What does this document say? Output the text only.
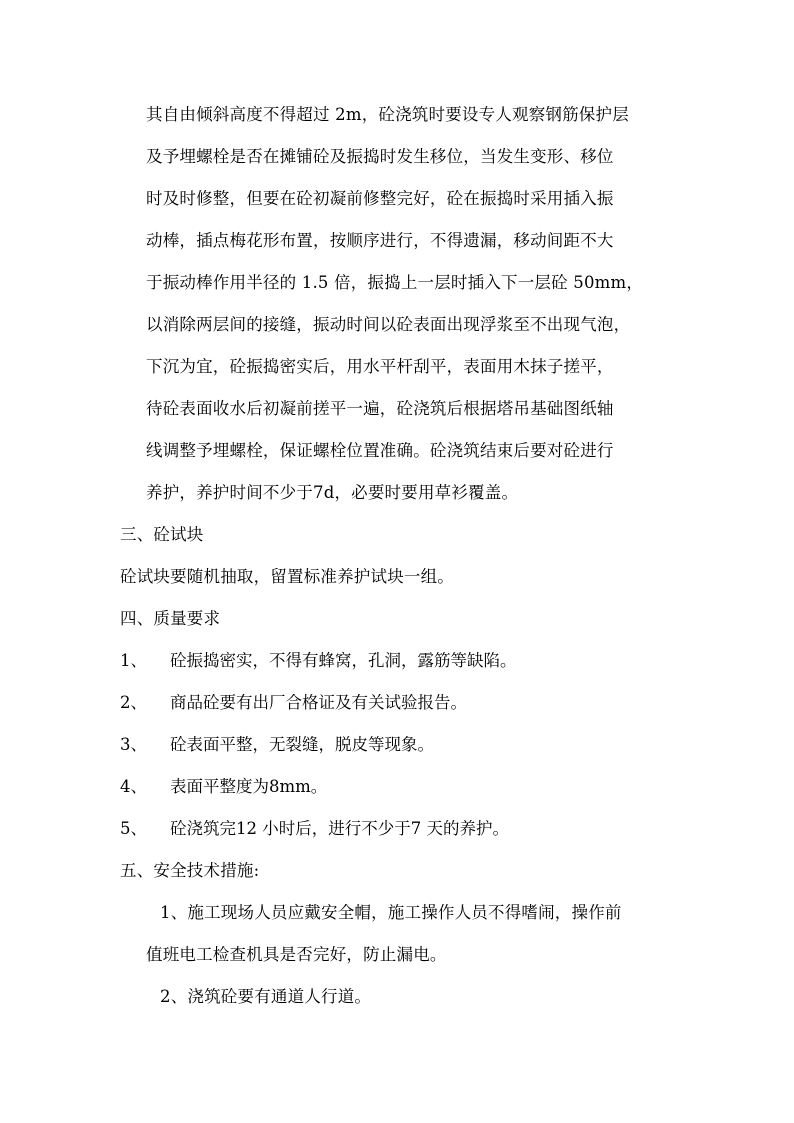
其自由倾斜高度不得超过 2m，砼浇筑时要设专人观察钢筋保护层
及予埋螺栓是否在摊铺砼及振捣时发生移位，当发生变形、移位
时及时修整，但要在砼初凝前修整完好，砼在振捣时采用插入振
动棒，插点梅花形布置，按顺序进行，不得遗漏，移动间距不大
于振动棒作用半径的 1.5 倍，振捣上一层时插入下一层砼 50mm，
以消除两层间的接缝，振动时间以砼表面出现浮浆至不出现气泡，
下沉为宜，砼振捣密实后，用水平杆刮平，表面用木抹子搓平，
待砼表面收水后初凝前搓平一遍，砼浇筑后根据塔吊基础图纸轴
线调整予埋螺栓，保证螺栓位置准确。砼浇筑结束后要对砼进行
养护，养护时间不少于7d，必要时要用草衫覆盖。
三、砼试块
砼试块要随机抽取，留置标准养护试块一组。
四、质量要求
1、 砼振捣密实，不得有蜂窝，孔洞，露筋等缺陷。
2、 商品砼要有出厂合格证及有关试验报告。
3、 砼表面平整，无裂缝，脱皮等现象。
4、 表面平整度为8mm。
5、 砼浇筑完12 小时后，进行不少于7 天的养护。
五、安全技术措施:
1、施工现场人员应戴安全帽，施工操作人员不得嗜闹，操作前
值班电工检查机具是否完好，防止漏电。
2、浇筑砼要有通道人行道。
